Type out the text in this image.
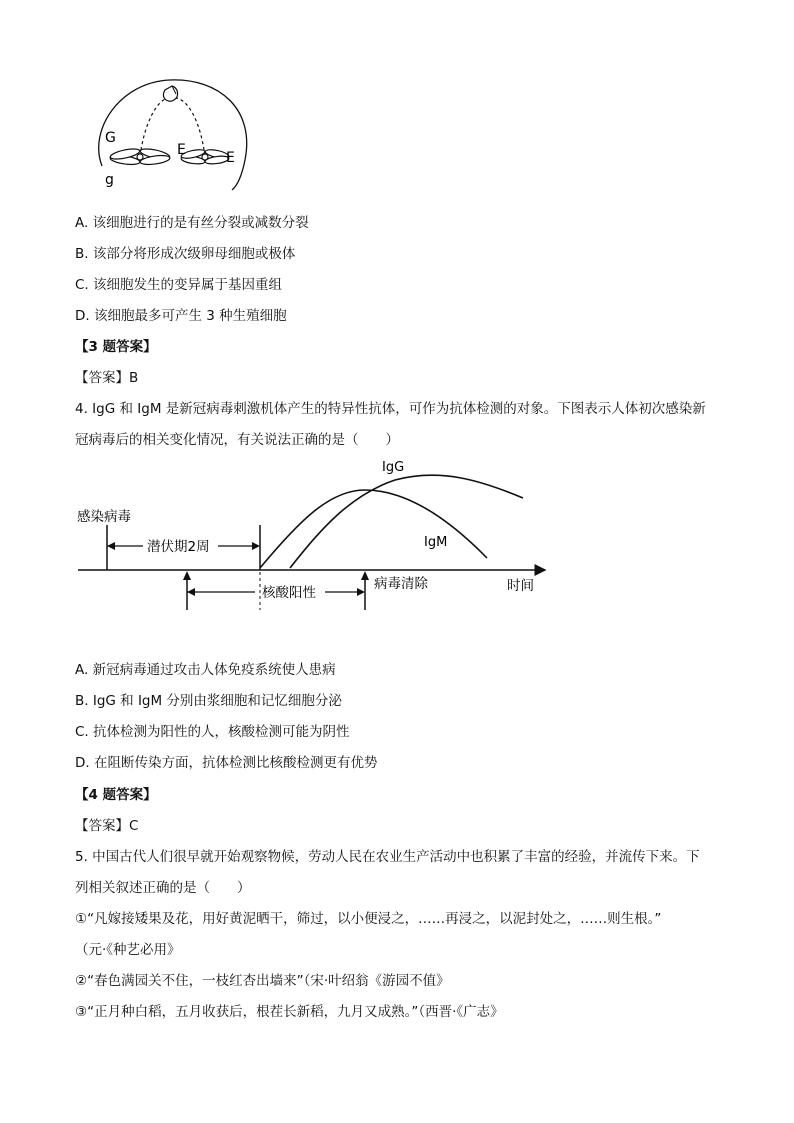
G
g
E	E
A. 该细胞进行的是有丝分裂或减数分裂
B. 该部分将形成次级卵母细胞或极体
C. 该细胞发生的变异属于基因重组
D. 该细胞最多可产生 3 种生殖细胞
【3 题答案】
【答案】B
4. IgG 和 IgM 是新冠病毒刺激机体产生的特异性抗体，可作为抗体检测的对象。下图表示人体初次感染新
冠病毒后的相关变化情况，有关说法正确的是（　　）
IgG
IgM
感染病毒
潜伏期2周
核酸阳性
病毒清除	时间
A. 新冠病毒通过攻击人体免疫系统使人患病
B. IgG 和 IgM 分别由浆细胞和记忆细胞分泌
C. 抗体检测为阳性的人，核酸检测可能为阴性
D. 在阻断传染方面，抗体检测比核酸检测更有优势
【4 题答案】
【答案】C
5. 中国古代人们很早就开始观察物候，劳动人民在农业生产活动中也积累了丰富的经验，并流传下来。下
列相关叙述正确的是（　　）
①“凡嫁接矮果及花，用好黄泥晒干，筛过，以小便浸之，……再浸之，以泥封处之，……则生根。”
（元·《种艺必用》
②“春色满园关不住，一枝红杏出墙来”（宋·叶绍翁《游园不值》
③“正月种白稻，五月收获后，根茬长新稻，九月又成熟。”（西晋·《广志》
